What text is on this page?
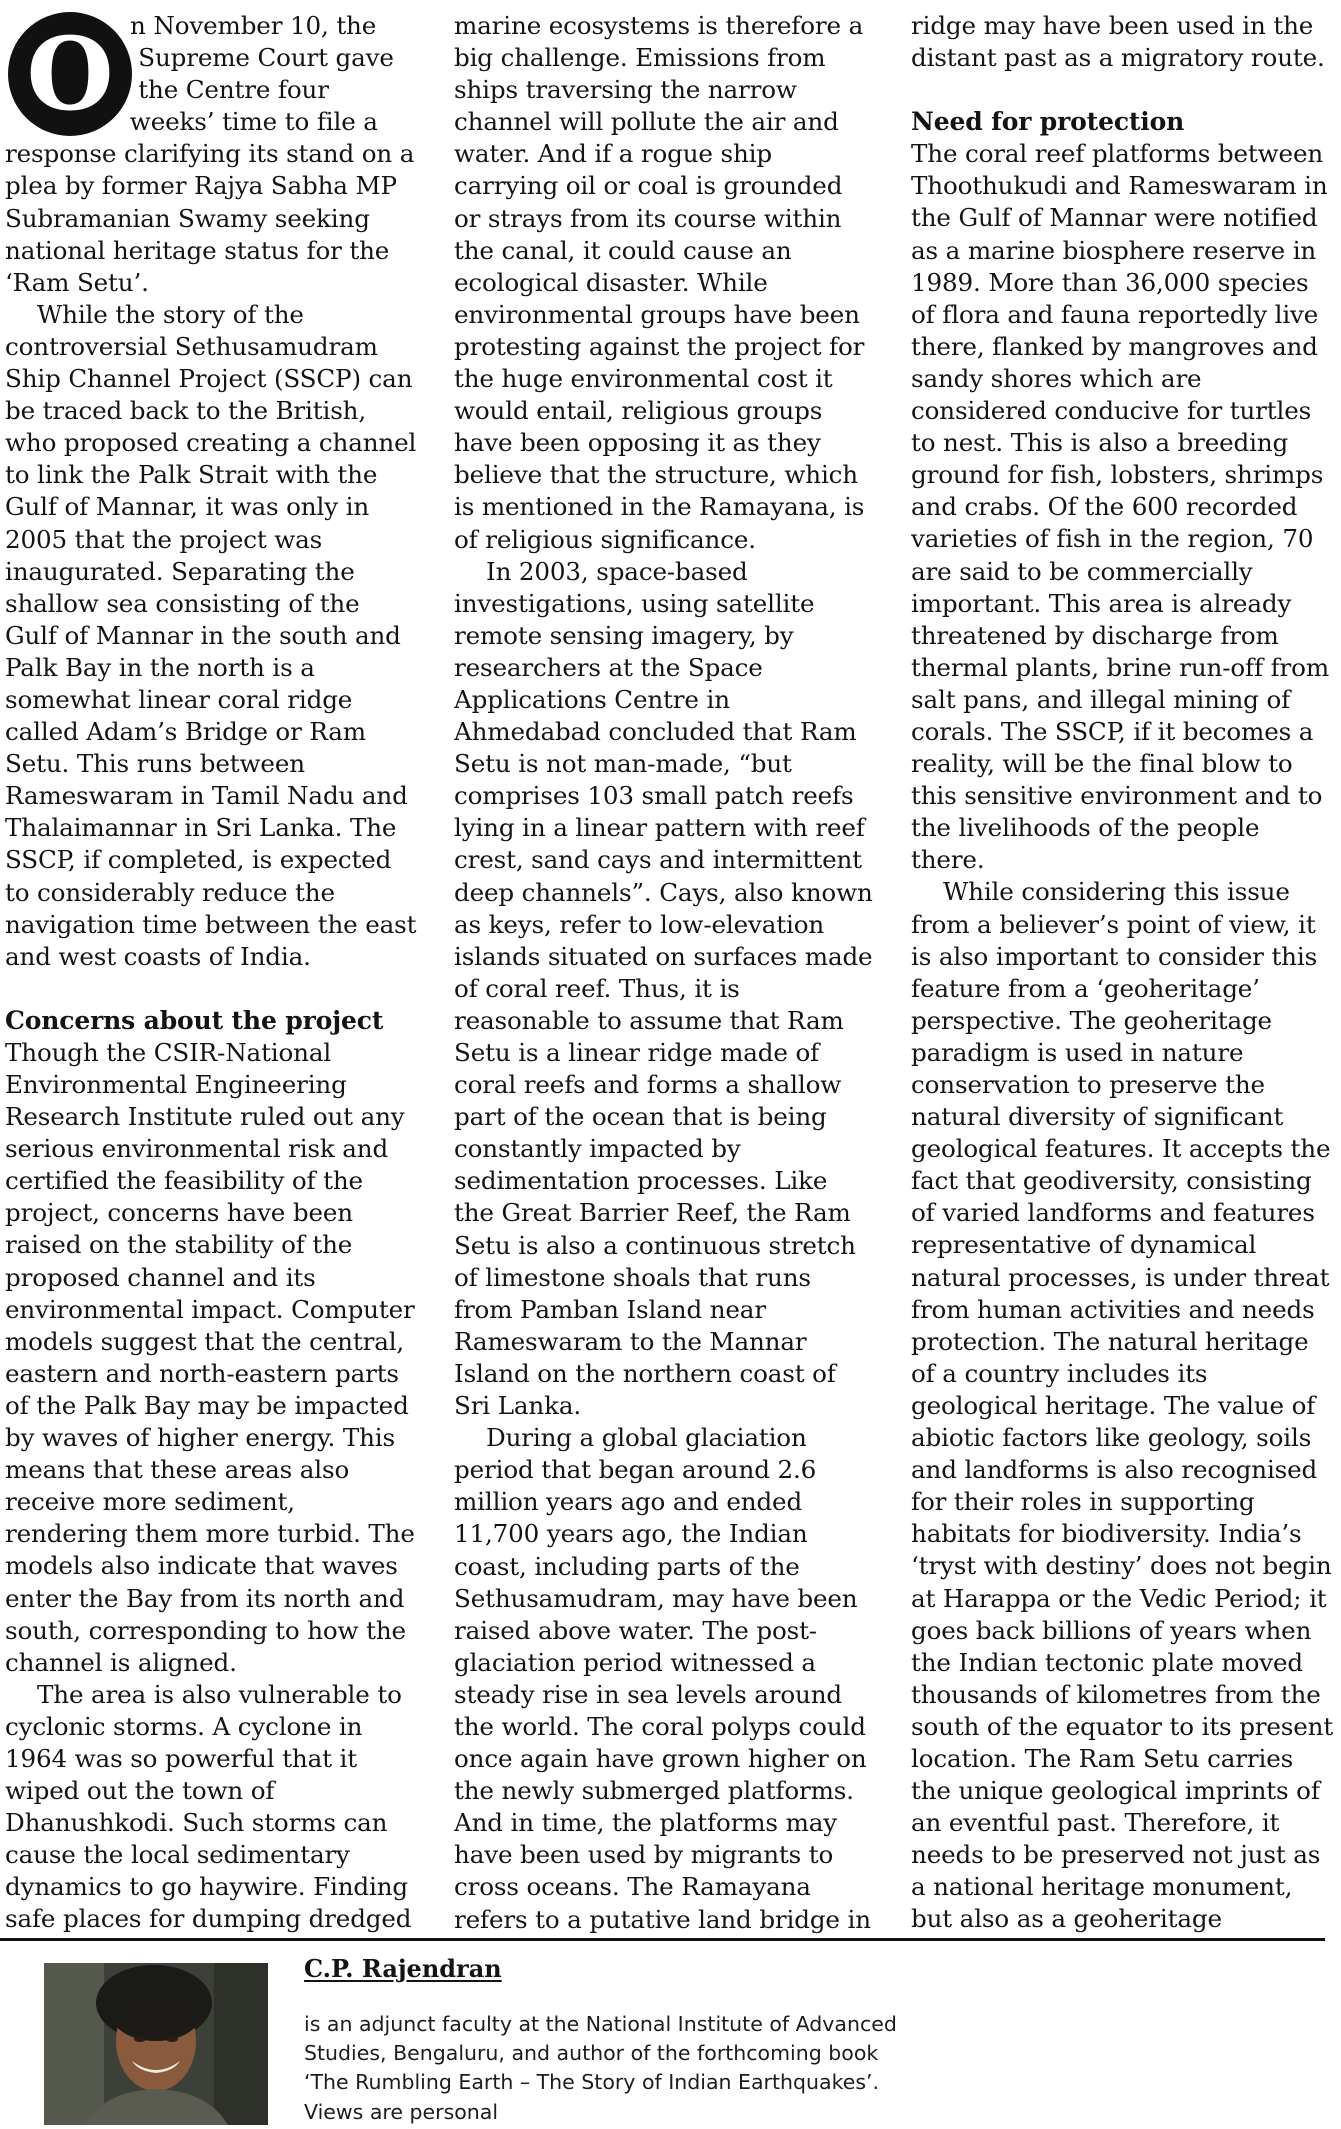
O n November 10, the Supreme Court gave the Centre four weeks’ time to file a response clarifying its stand on a plea by former Rajya Sabha MP Subramanian Swamy seeking national heritage status for the ‘Ram Setu’.

While the story of the controversial Sethusamudram Ship Channel Project (SSCP) can be traced back to the British, who proposed creating a channel to link the Palk Strait with the Gulf of Mannar, it was only in 2005 that the project was inaugurated. Separating the shallow sea consisting of the Gulf of Mannar in the south and Palk Bay in the north is a somewhat linear coral ridge called Adam’s Bridge or Ram Setu. This runs between Rameswaram in Tamil Nadu and Thalaimannar in Sri Lanka. The SSCP, if completed, is expected to considerably reduce the navigation time between the east and west coasts of India.

Concerns about the project

Though the CSIR-National Environmental Engineering Research Institute ruled out any serious environmental risk and certified the feasibility of the project, concerns have been raised on the stability of the proposed channel and its environmental impact. Computer models suggest that the central, eastern and north-eastern parts of the Palk Bay may be impacted by waves of higher energy. This means that these areas also receive more sediment, rendering them more turbid. The models also indicate that waves enter the Bay from its north and south, corresponding to how the channel is aligned.

The area is also vulnerable to cyclonic storms. A cyclone in 1964 was so powerful that it wiped out the town of Dhanushkodi. Such storms can cause the local sedimentary dynamics to go haywire. Finding safe places for dumping dredged

marine ecosystems is therefore a big challenge. Emissions from ships traversing the narrow channel will pollute the air and water. And if a rogue ship carrying oil or coal is grounded or strays from its course within the canal, it could cause an ecological disaster. While environmental groups have been protesting against the project for the huge environmental cost it would entail, religious groups have been opposing it as they believe that the structure, which is mentioned in the Ramayana, is of religious significance.

In 2003, space-based investigations, using satellite remote sensing imagery, by researchers at the Space Applications Centre in Ahmedabad concluded that Ram Setu is not man-made, “but comprises 103 small patch reefs lying in a linear pattern with reef crest, sand cays and intermittent deep channels”. Cays, also known as keys, refer to low-elevation islands situated on surfaces made of coral reef. Thus, it is reasonable to assume that Ram Setu is a linear ridge made of coral reefs and forms a shallow part of the ocean that is being constantly impacted by sedimentation processes. Like the Great Barrier Reef, the Ram Setu is also a continuous stretch of limestone shoals that runs from Pamban Island near Rameswaram to the Mannar Island on the northern coast of Sri Lanka.

During a global glaciation period that began around 2.6 million years ago and ended 11,700 years ago, the Indian coast, including parts of the Sethusamudram, may have been raised above water. The post-glaciation period witnessed a steady rise in sea levels around the world. The coral polyps could once again have grown higher on the newly submerged platforms. And in time, the platforms may have been used by migrants to cross oceans. The Ramayana refers to a putative land bridge in

ridge may have been used in the distant past as a migratory route.

Need for protection

The coral reef platforms between Thoothukudi and Rameswaram in the Gulf of Mannar were notified as a marine biosphere reserve in 1989. More than 36,000 species of flora and fauna reportedly live there, flanked by mangroves and sandy shores which are considered conducive for turtles to nest. This is also a breeding ground for fish, lobsters, shrimps and crabs. Of the 600 recorded varieties of fish in the region, 70 are said to be commercially important. This area is already threatened by discharge from thermal plants, brine run-off from salt pans, and illegal mining of corals. The SSCP, if it becomes a reality, will be the final blow to this sensitive environment and to the livelihoods of the people there.

While considering this issue from a believer’s point of view, it is also important to consider this feature from a ‘geoheritage’ perspective. The geoheritage paradigm is used in nature conservation to preserve the natural diversity of significant geological features. It accepts the fact that geodiversity, consisting of varied landforms and features representative of dynamical natural processes, is under threat from human activities and needs protection. The natural heritage of a country includes its geological heritage. The value of abiotic factors like geology, soils and landforms is also recognised for their roles in supporting habitats for biodiversity. India’s ‘tryst with destiny’ does not begin at Harappa or the Vedic Period; it goes back billions of years when the Indian tectonic plate moved thousands of kilometres from the south of the equator to its present location. The Ram Setu carries the unique geological imprints of an eventful past. Therefore, it needs to be preserved not just as a national heritage monument, but also as a geoheritage

C.P. Rajendran
is an adjunct faculty at the National Institute of Advanced
Studies, Bengaluru, and author of the forthcoming book
‘The Rumbling Earth – The Story of Indian Earthquakes’.
Views are personal
